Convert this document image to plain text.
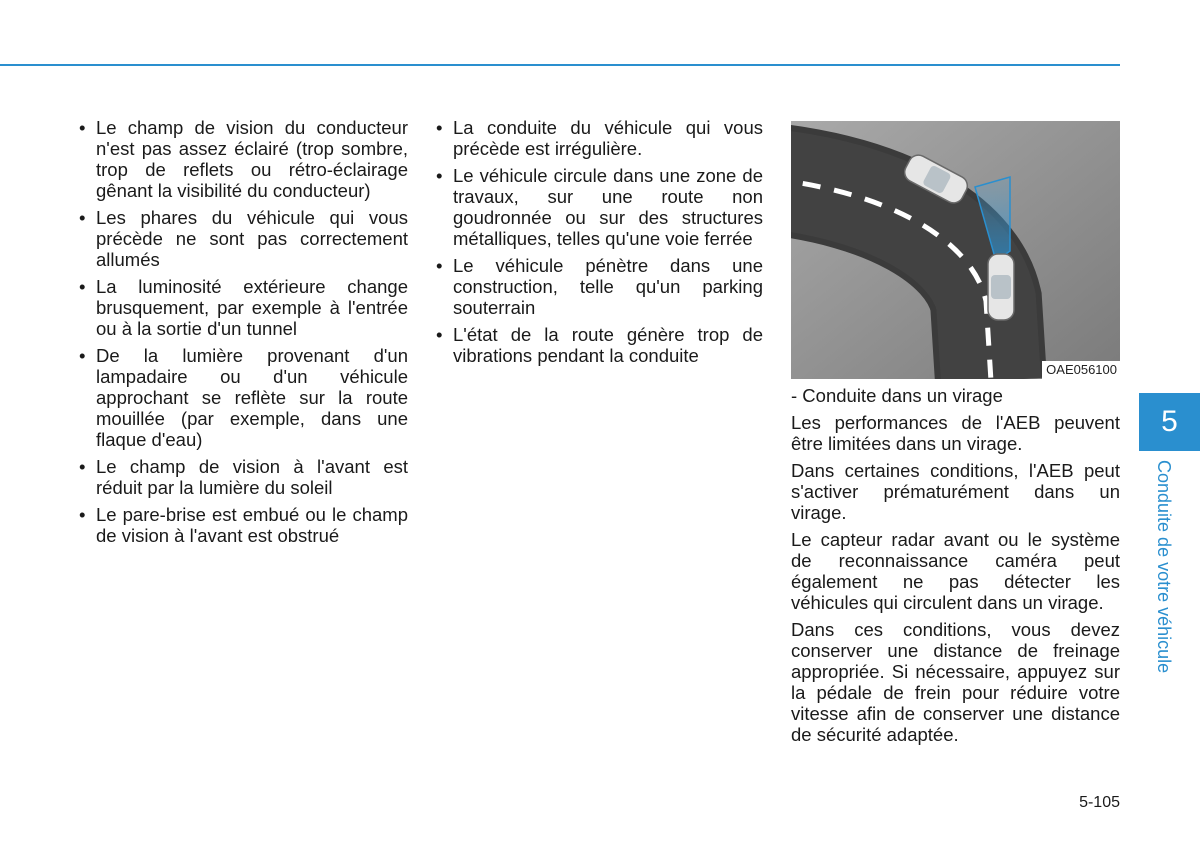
• Le champ de vision du conducteur n'est pas assez éclairé (trop sombre, trop de reflets ou rétro-éclairage gênant la visibilité du conducteur)
• Les phares du véhicule qui vous précède ne sont pas correctement allumés
• La luminosité extérieure change brusquement, par exemple à l'entrée ou à la sortie d'un tunnel
• De la lumière provenant d'un lampadaire ou d'un véhicule approchant se reflète sur la route mouillée (par exemple, dans une flaque d'eau)
• Le champ de vision à l'avant est réduit par la lumière du soleil
• Le pare-brise est embué ou le champ de vision à l'avant est obstrué
• La conduite du véhicule qui vous précède est irrégulière.
• Le véhicule circule dans une zone de travaux, sur une route non goudronnée ou sur des structures métalliques, telles qu'une voie ferrée
• Le véhicule pénètre dans une construction, telle qu'un parking souterrain
• L'état de la route génère trop de vibrations pendant la conduite
OAE056100
- Conduite dans un virage

Les performances de l'AEB peuvent être limitées dans un virage.

Dans certaines conditions, l'AEB peut s'activer prématurément dans un virage.

Le capteur radar avant ou le système de reconnaissance caméra peut également ne pas détecter les véhicules qui circulent dans un virage.

Dans ces conditions, vous devez conserver une distance de freinage appropriée. Si nécessaire, appuyez sur la pédale de frein pour réduire votre vitesse afin de conserver une distance de sécurité adaptée.

5
Conduite de votre véhicule
5-105
